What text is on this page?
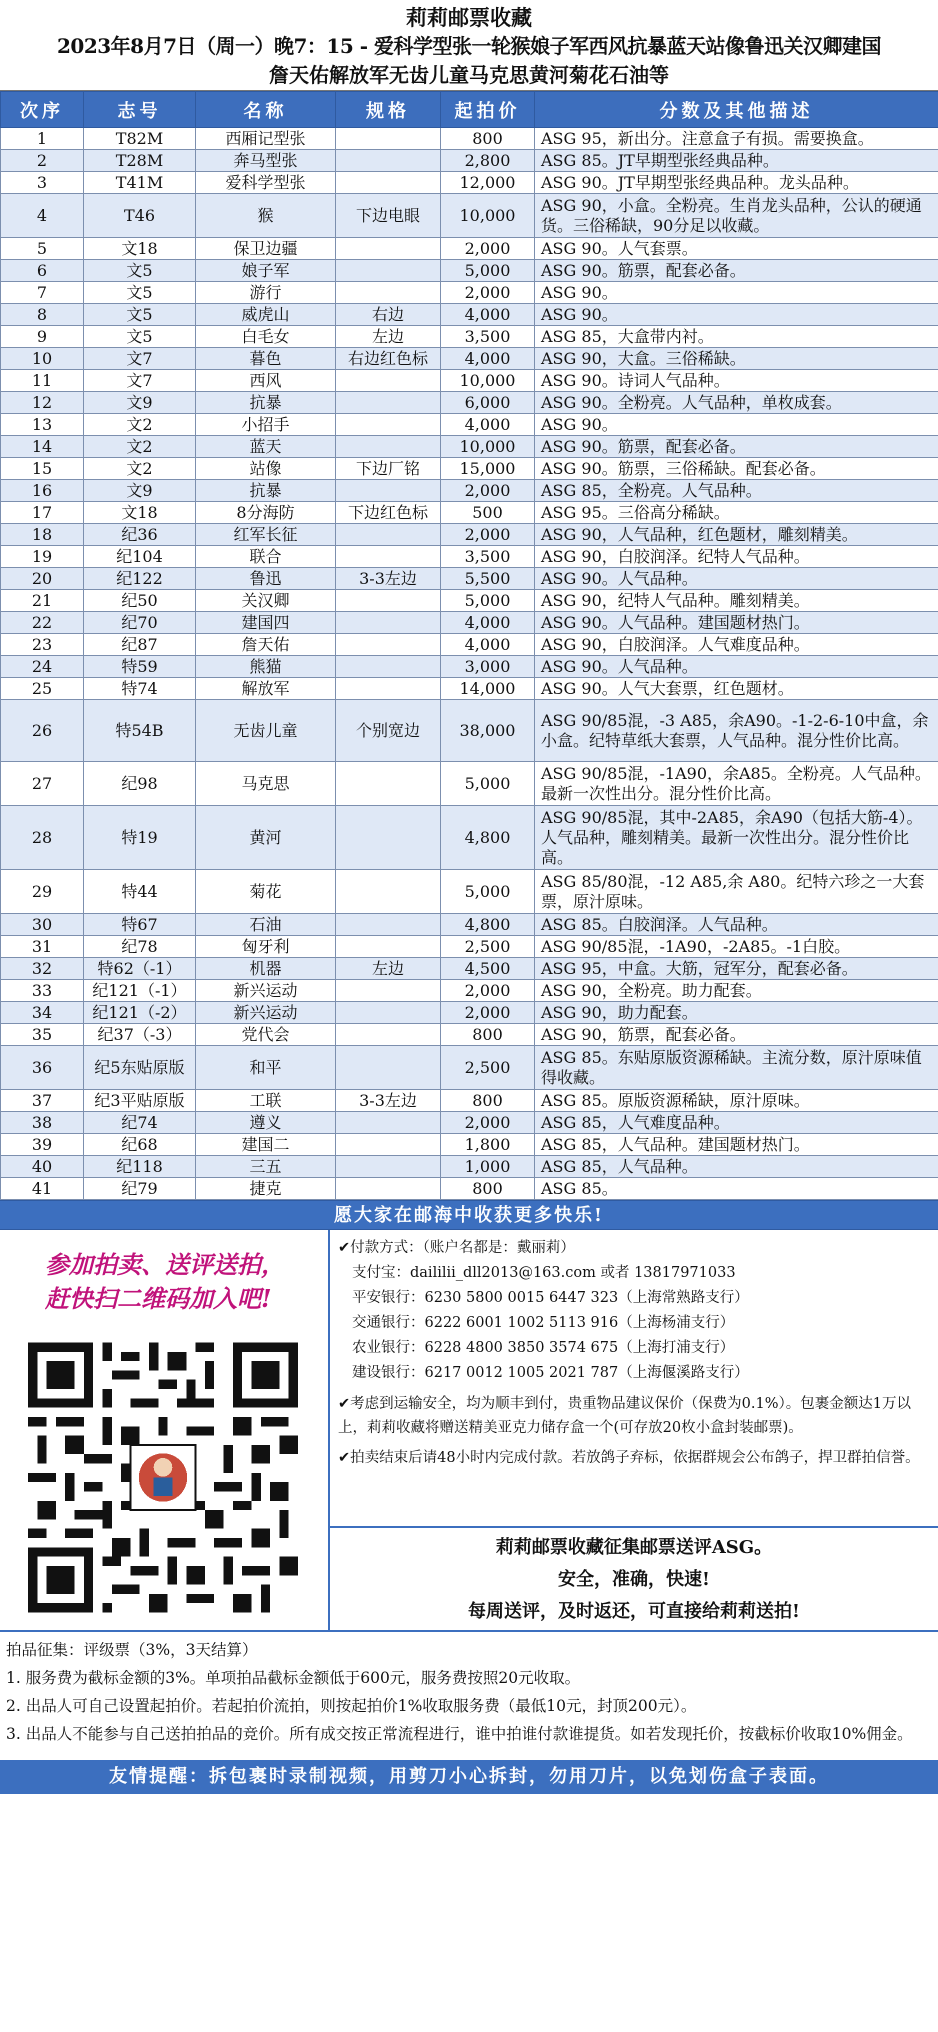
莉莉邮票收藏
2023年8月7日（周一）晚7：15 - 爱科学型张一轮猴娘子军西风抗暴蓝天站像鲁迅关汉卿建国
詹天佑解放军无齿儿童马克思黄河菊花石油等
次序	志号	名称	规格	起拍价	分数及其他描述
1	T82M	西厢记型张		800	ASG 95，新出分。注意盒子有损。需要换盒。
2	T28M	奔马型张		2,800	ASG 85。JT早期型张经典品种。
3	T41M	爱科学型张		12,000	ASG 90。JT早期型张经典品种。龙头品种。
4	T46	猴	下边电眼	10,000	ASG 90，小盒。全粉亮。生肖龙头品种，公认的硬通货。三俗稀缺，90分足以收藏。
5	文18	保卫边疆		2,000	ASG 90。人气套票。
6	文5	娘子军		5,000	ASG 90。筋票，配套必备。
7	文5	游行		2,000	ASG 90。
8	文5	威虎山	右边	4,000	ASG 90。
9	文5	白毛女	左边	3,500	ASG 85，大盒带内衬。
10	文7	暮色	右边红色标	4,000	ASG 90，大盒。三俗稀缺。
11	文7	西风		10,000	ASG 90。诗词人气品种。
12	文9	抗暴		6,000	ASG 90。全粉亮。人气品种，单枚成套。
13	文2	小招手		4,000	ASG 90。
14	文2	蓝天		10,000	ASG 90。筋票，配套必备。
15	文2	站像	下边厂铭	15,000	ASG 90。筋票，三俗稀缺。配套必备。
16	文9	抗暴		2,000	ASG 85，全粉亮。人气品种。
17	文18	8分海防	下边红色标	500	ASG 95。三俗高分稀缺。
18	纪36	红军长征		2,000	ASG 90，人气品种，红色题材，雕刻精美。
19	纪104	联合		3,500	ASG 90，白胶润泽。纪特人气品种。
20	纪122	鲁迅	3-3左边	5,500	ASG 90。人气品种。
21	纪50	关汉卿		5,000	ASG 90，纪特人气品种。雕刻精美。
22	纪70	建国四		4,000	ASG 90。人气品种。建国题材热门。
23	纪87	詹天佑		4,000	ASG 90，白胶润泽。人气难度品种。
24	特59	熊猫		3,000	ASG 90。人气品种。
25	特74	解放军		14,000	ASG 90。人气大套票，红色题材。
26	特54B	无齿儿童	个别宽边	38,000	ASG 90/85混，-3 A85，余A90。-1-2-6-10中盒，余小盒。纪特草纸大套票，人气品种。混分性价比高。
27	纪98	马克思		5,000	ASG 90/85混，-1A90，余A85。全粉亮。人气品种。最新一次性出分。混分性价比高。
28	特19	黄河		4,800	ASG 90/85混，其中-2A85，余A90（包括大筋-4）。人气品种，雕刻精美。最新一次性出分。混分性价比高。
29	特44	菊花		5,000	ASG 85/80混，-12 A85,余 A80。纪特六珍之一大套票，原汁原味。
30	特67	石油		4,800	ASG 85。白胶润泽。人气品种。
31	纪78	匈牙利		2,500	ASG 90/85混，-1A90，-2A85。-1白胶。
32	特62（-1）	机器	左边	4,500	ASG 95，中盒。大筋，冠军分，配套必备。
33	纪121（-1）	新兴运动		2,000	ASG 90，全粉亮。助力配套。
34	纪121（-2）	新兴运动		2,000	ASG 90，助力配套。
35	纪37（-3）	党代会		800	ASG 90，筋票，配套必备。
36	纪5东贴原版	和平		2,500	ASG 85。东贴原版资源稀缺。主流分数，原汁原味值得收藏。
37	纪3平贴原版	工联	3-3左边	800	ASG 85。原版资源稀缺，原汁原味。
38	纪74	遵义		2,000	ASG 85，人气难度品种。
39	纪68	建国二		1,800	ASG 85，人气品种。建国题材热门。
40	纪118	三五		1,000	ASG 85，人气品种。
41	纪79	捷克		800	ASG 85。
愿大家在邮海中收获更多快乐!
参加拍卖、送评送拍，
赶快扫二维码加入吧!
✔付款方式：（账户名都是：戴丽莉）
支付宝：daililii_dll2013@163.com 或者 13817971033
平安银行：6230 5800 0015 6447 323（上海常熟路支行）
交通银行：6222 6001 1002 5113 916（上海杨浦支行）
农业银行：6228 4800 3850 3574 675（上海打浦支行）
建设银行：6217 0012 1005 2021 787（上海偃溪路支行）
✔考虑到运输安全，均为顺丰到付，贵重物品建议保价（保费为0.1%）。包裹金额达1万以上，莉莉收藏将赠送精美亚克力储存盒一个(可存放20枚小盒封装邮票)。
✔拍卖结束后请48小时内完成付款。若放鸽子弃标，依据群规会公布鸽子，捍卫群拍信誉。
莉莉邮票收藏征集邮票送评ASG。
安全，准确，快速!
每周送评，及时返还，可直接给莉莉送拍!
拍品征集：评级票（3%，3天结算）
1. 服务费为截标金额的3%。单项拍品截标金额低于600元，服务费按照20元收取。
2. 出品人可自己设置起拍价。若起拍价流拍，则按起拍价1%收取服务费（最低10元，封顶200元）。
3. 出品人不能参与自己送拍拍品的竞价。所有成交按正常流程进行，谁中拍谁付款谁提货。如若发现托价，按截标价收取10%佣金。
友情提醒：拆包裹时录制视频，用剪刀小心拆封，勿用刀片，以免划伤盒子表面。
